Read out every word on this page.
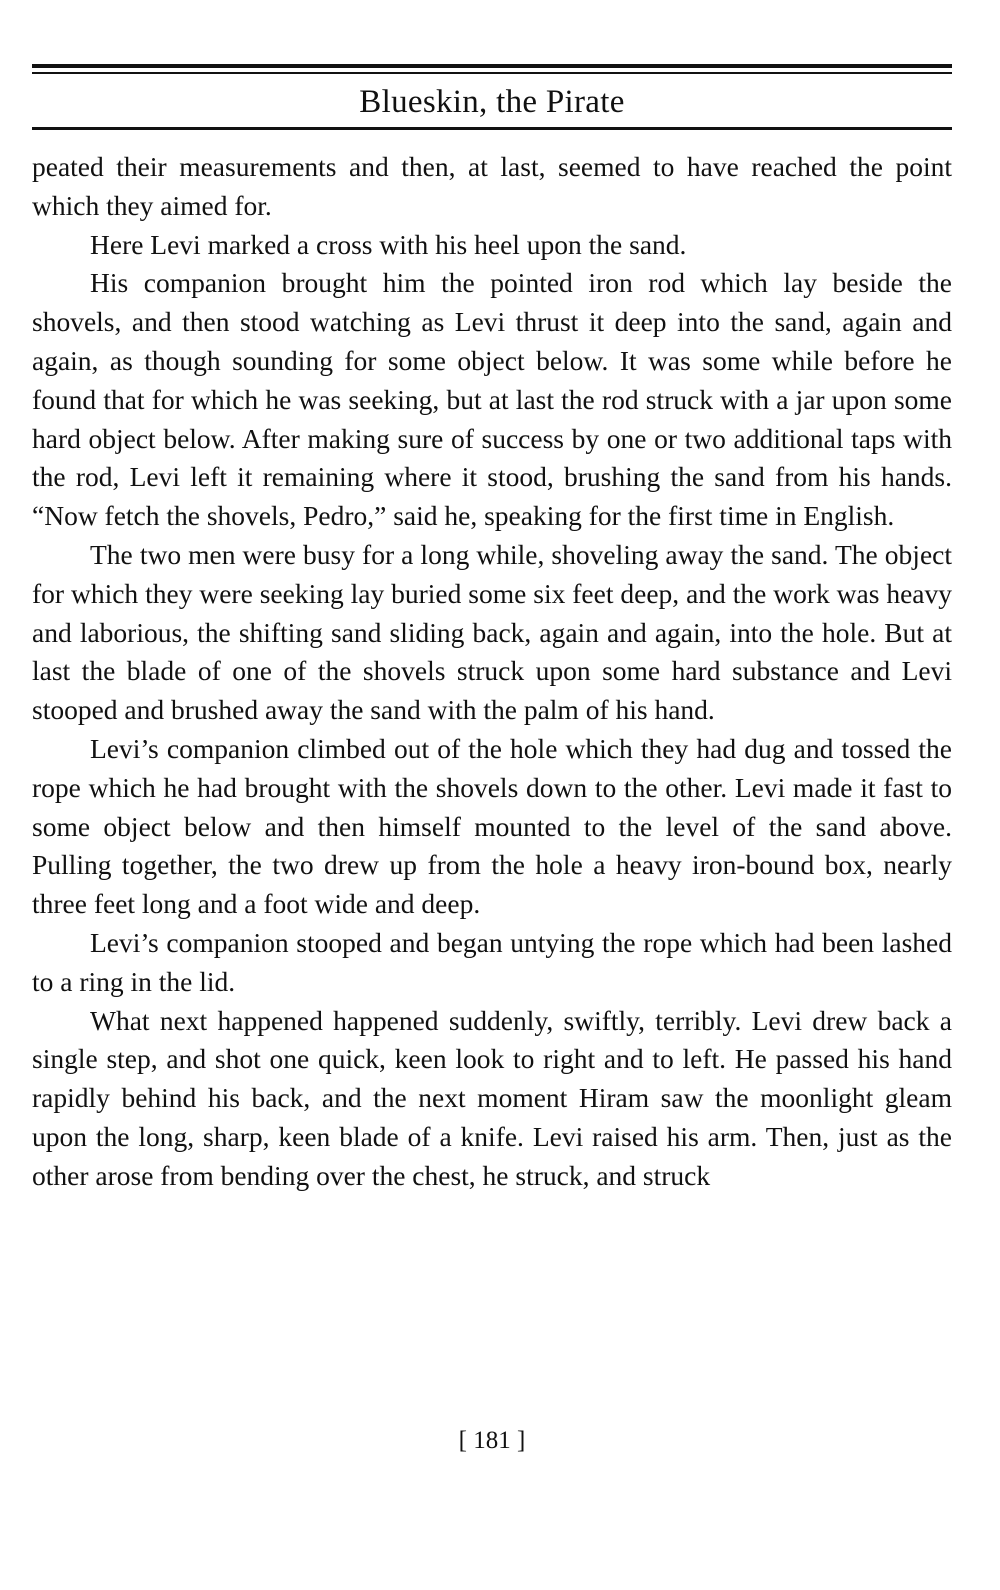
Blueskin, the Pirate

peated their measurements and then, at last, seemed to have reached the point which they aimed for.

Here Levi marked a cross with his heel upon the sand.

His companion brought him the pointed iron rod which lay beside the shovels, and then stood watching as Levi thrust it deep into the sand, again and again, as though sounding for some object below. It was some while before he found that for which he was seeking, but at last the rod struck with a jar upon some hard object below. After making sure of success by one or two additional taps with the rod, Levi left it remaining where it stood, brushing the sand from his hands. “Now fetch the shovels, Pedro,” said he, speaking for the first time in English.

The two men were busy for a long while, shoveling away the sand. The object for which they were seeking lay buried some six feet deep, and the work was heavy and laborious, the shifting sand sliding back, again and again, into the hole. But at last the blade of one of the shovels struck upon some hard substance and Levi stooped and brushed away the sand with the palm of his hand.

Levi’s companion climbed out of the hole which they had dug and tossed the rope which he had brought with the shovels down to the other. Levi made it fast to some object below and then himself mounted to the level of the sand above. Pulling together, the two drew up from the hole a heavy iron-bound box, nearly three feet long and a foot wide and deep.

Levi’s companion stooped and began untying the rope which had been lashed to a ring in the lid.

What next happened happened suddenly, swiftly, terribly. Levi drew back a single step, and shot one quick, keen look to right and to left. He passed his hand rapidly behind his back, and the next moment Hiram saw the moonlight gleam upon the long, sharp, keen blade of a knife. Levi raised his arm. Then, just as the other arose from bending over the chest, he struck, and struck

[ 181 ]
